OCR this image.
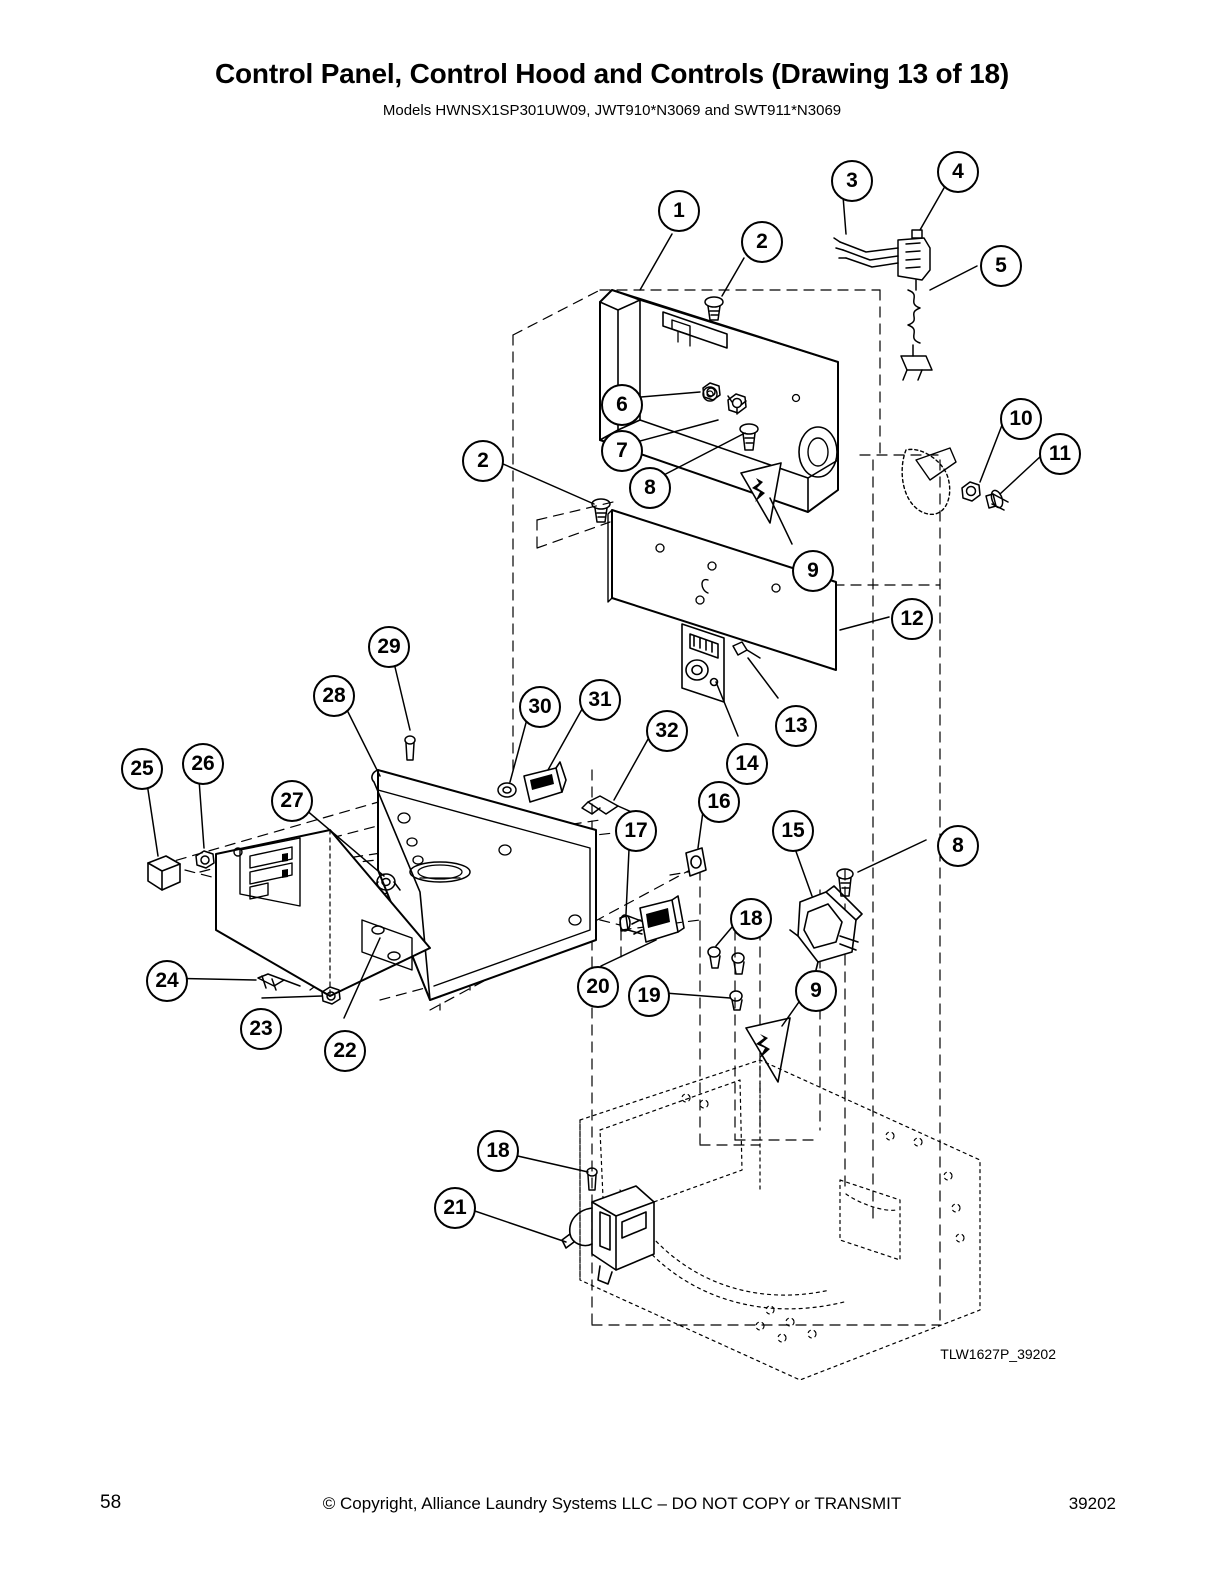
Control Panel, Control Hood and Controls (Drawing 13 of 18)
Models HWNSX1SP301UW09, JWT910*N3069 and SWT911*N3069
1
2
3	4
5
6
7
8
2
9
10
11
12
13
14
29
28	30	31
32
25	26
27
17
16
15
8
18
24
23
22
20	19	9
18
21
TLW1627P_39202
58	© Copyright, Alliance Laundry Systems LLC – DO NOT COPY or TRANSMIT	39202
